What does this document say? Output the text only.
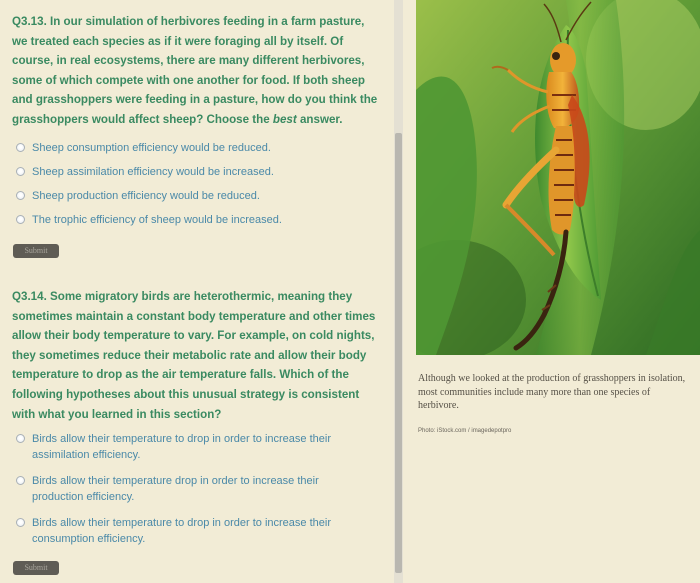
Q3.13. In our simulation of herbivores feeding in a farm pasture, we treated each species as if it were foraging all by itself. Of course, in real ecosystems, there are many different herbivores, some of which compete with one another for food. If both sheep and grasshoppers were feeding in a pasture, how do you think the grasshoppers would affect sheep? Choose the best answer.

Sheep consumption efficiency would be reduced.
Sheep assimilation efficiency would be increased.
Sheep production efficiency would be reduced.
The trophic efficiency of sheep would be increased.
Submit

Q3.14. Some migratory birds are heterothermic, meaning they sometimes maintain a constant body temperature and other times allow their body temperature to vary. For example, on cold nights, they sometimes reduce their metabolic rate and allow their body temperature to drop as the air temperature falls. Which of the following hypotheses about this unusual strategy is consistent with what you learned in this section?

Birds allow their temperature to drop in order to increase their assimilation efficiency.
Birds allow their temperature drop in order to increase their production efficiency.
Birds allow their temperature to drop in order to increase their consumption efficiency.
Submit

Although we looked at the production of grasshoppers in isolation, most communities include many more than one species of herbivore.

Photo: iStock.com / imagedepotpro
